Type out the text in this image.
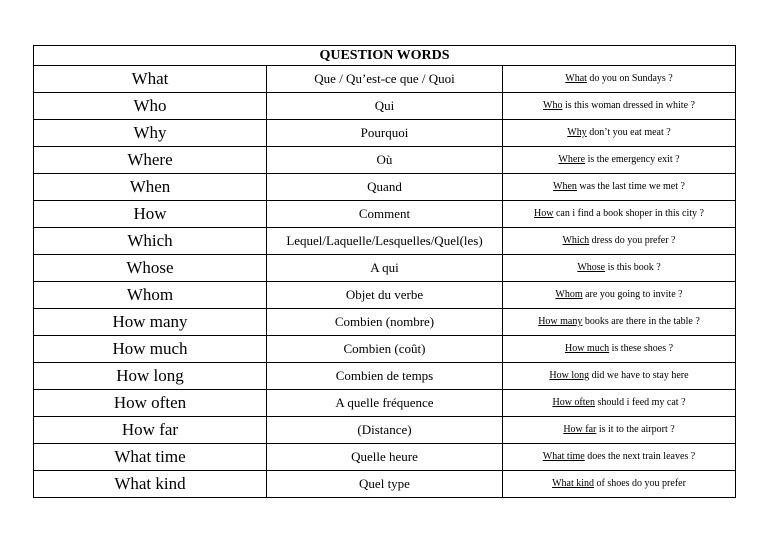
QUESTION WORDS		
What	Que / Qu’est-ce que / Quoi	What do you on Sundays ?
Who	Qui	Who is this woman dressed in white ?
Why	Pourquoi	Why don’t you eat meat ?
Where	Où	Where is the emergency exit ?
When	Quand	When was the last time we met ?
How	Comment	How can i find a book shoper in this city ?
Which	Lequel/Laquelle/Lesquelles/Quel(les)	Which dress do you prefer ?
Whose	A qui	Whose is this book ?
Whom	Objet du verbe	Whom are you going to invite ?
How many	Combien (nombre)	How many books are there in the table ?
How much	Combien (coût)	How much is these shoes ?
How long	Combien de temps	How long did we have to stay here
How often	A quelle fréquence	How often should i feed my cat ?
How far	(Distance)	How far is it to the airport ?
What time	Quelle heure	What time does the next train leaves ?
What kind	Quel type	What kind of shoes do you prefer
